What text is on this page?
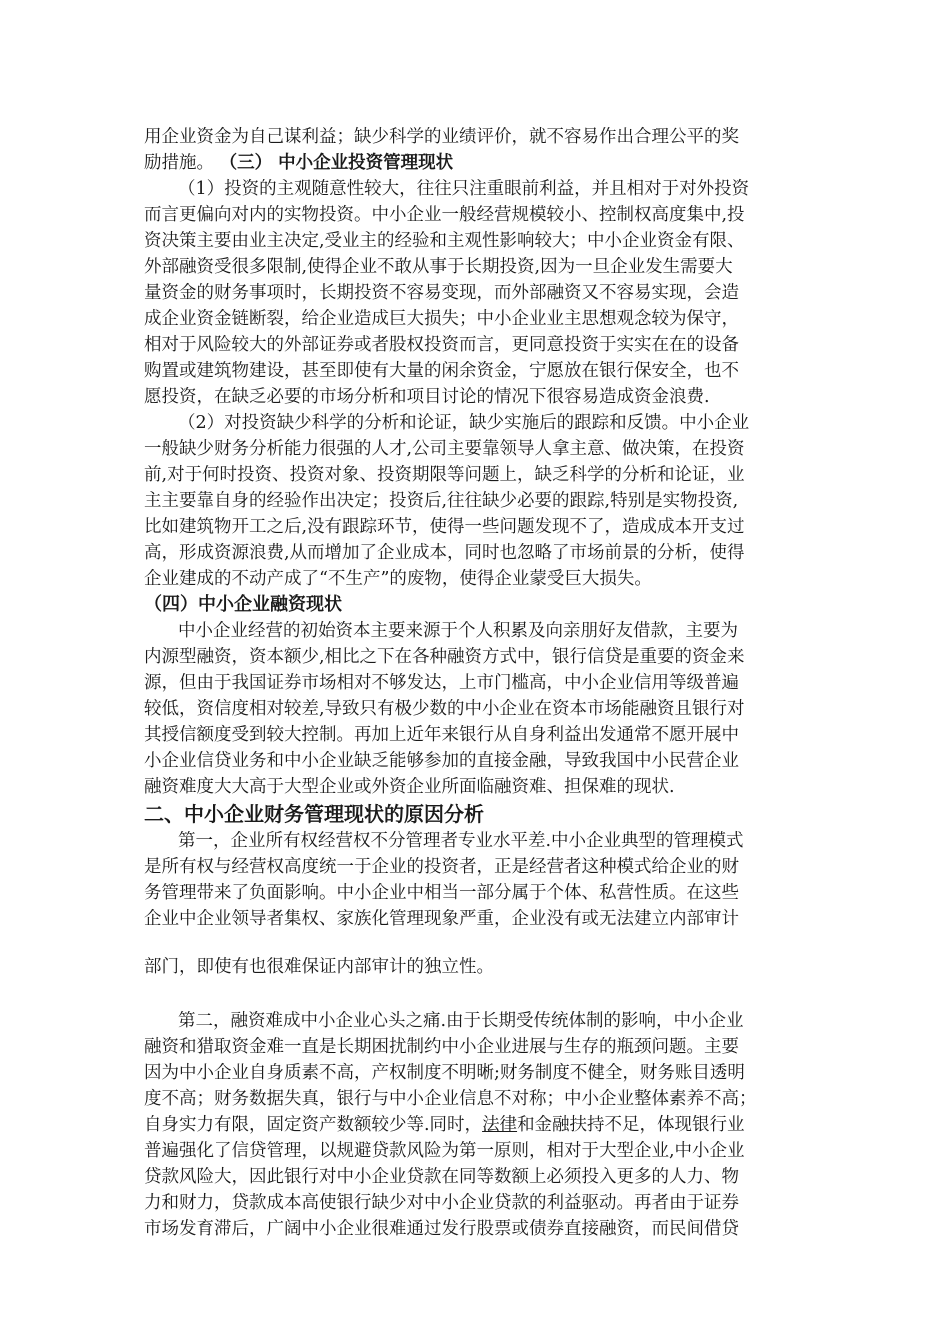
用企业资金为自己谋利益；缺少科学的业绩评价，就不容易作出合理公平的奖
励措施。 （三） 中小企业投资管理现状
（1）投资的主观随意性较大，往往只注重眼前利益，并且相对于对外投资
而言更偏向对内的实物投资。中小企业一般经营规模较小、控制权高度集中,投
资决策主要由业主决定,受业主的经验和主观性影响较大；中小企业资金有限、
外部融资受很多限制,使得企业不敢从事于长期投资,因为一旦企业发生需要大
量资金的财务事项时，长期投资不容易变现，而外部融资又不容易实现，会造
成企业资金链断裂，给企业造成巨大损失；中小企业业主思想观念较为保守，
相对于风险较大的外部证券或者股权投资而言，更同意投资于实实在在的设备
购置或建筑物建设，甚至即使有大量的闲余资金，宁愿放在银行保安全，也不
愿投资，在缺乏必要的市场分析和项目讨论的情况下很容易造成资金浪费.
（2）对投资缺少科学的分析和论证，缺少实施后的跟踪和反馈。中小企业
一般缺少财务分析能力很强的人才,公司主要靠领导人拿主意、做决策，在投资
前,对于何时投资、投资对象、投资期限等问题上，缺乏科学的分析和论证，业
主主要靠自身的经验作出决定；投资后,往往缺少必要的跟踪,特别是实物投资,
比如建筑物开工之后,没有跟踪环节，使得一些问题发现不了，造成成本开支过
高，形成资源浪费,从而增加了企业成本，同时也忽略了市场前景的分析，使得
企业建成的不动产成了“不生产”的废物，使得企业蒙受巨大损失。
（四）中小企业融资现状
中小企业经营的初始资本主要来源于个人积累及向亲朋好友借款，主要为
内源型融资，资本额少,相比之下在各种融资方式中，银行信贷是重要的资金来
源，但由于我国证券市场相对不够发达，上市门槛高，中小企业信用等级普遍
较低，资信度相对较差,导致只有极少数的中小企业在资本市场能融资且银行对
其授信额度受到较大控制。再加上近年来银行从自身利益出发通常不愿开展中
小企业信贷业务和中小企业缺乏能够参加的直接金融，导致我国中小民营企业
融资难度大大高于大型企业或外资企业所面临融资难、担保难的现状.
二、中小企业财务管理现状的原因分析
第一，企业所有权经营权不分管理者专业水平差.中小企业典型的管理模式
是所有权与经营权高度统一于企业的投资者，正是经营者这种模式给企业的财
务管理带来了负面影响。中小企业中相当一部分属于个体、私营性质。在这些
企业中企业领导者集权、家族化管理现象严重，企业没有或无法建立内部审计
部门，即使有也很难保证内部审计的独立性。
第二，融资难成中小企业心头之痛.由于长期受传统体制的影响，中小企业
融资和猎取资金难一直是长期困扰制约中小企业进展与生存的瓶颈问题。主要
因为中小企业自身质素不高，产权制度不明晰;财务制度不健全，财务账目透明
度不高；财务数据失真，银行与中小企业信息不对称；中小企业整体素养不高；
自身实力有限，固定资产数额较少等.同时，法律和金融扶持不足，体现银行业
普遍强化了信贷管理，以规避贷款风险为第一原则，相对于大型企业,中小企业
贷款风险大，因此银行对中小企业贷款在同等数额上必须投入更多的人力、物
力和财力，贷款成本高使银行缺少对中小企业贷款的利益驱动。再者由于证券
市场发育滞后，广阔中小企业很难通过发行股票或债券直接融资，而民间借贷
